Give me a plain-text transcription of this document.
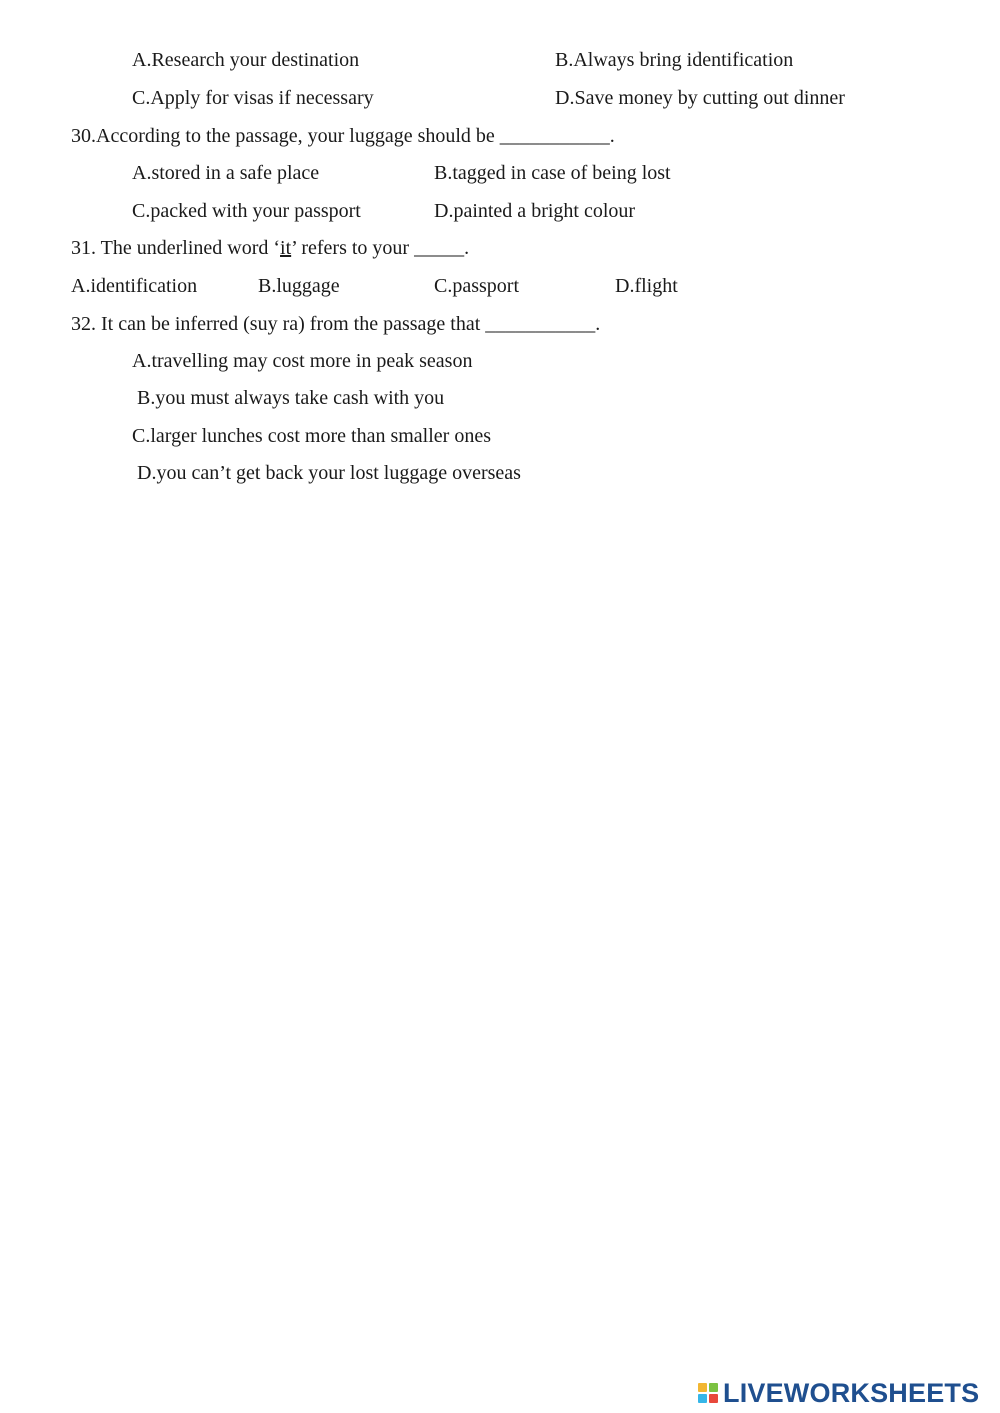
A.Research your destination	B.Always bring identification
C.Apply for visas if necessary	D.Save money by cutting out dinner
30.According to the passage, your luggage should be ___________.
A.stored in a safe place	B.tagged in case of being lost
C.packed with your passport	D.painted a bright colour
31. The underlined word ‘it’ refers to your _____.
A.identification	B.luggage	C.passport	D.flight
32. It can be inferred (suy ra) from the passage that ___________.
A.travelling may cost more in peak season
B.you must always take cash with you
C.larger lunches cost more than smaller ones
D.you can’t get back your lost luggage overseas
LIVEWORKSHEETS
